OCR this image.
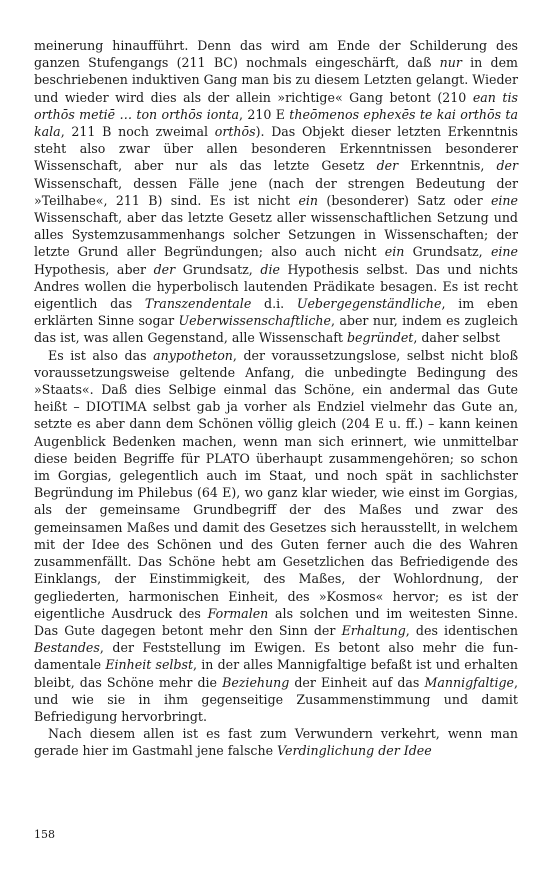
meinerung hinaufführt. Denn das wird am Ende der Schilderung des ganzen Stufengangs (211 BC) nochmals eingeschärft, daß nur in dem beschriebenen induktiven Gang man bis zu diesem Letzten gelangt. Wieder und wieder wird dies als der allein »richtige« Gang betont (210 ean tis orthōs metiē … ton orthōs ionta, 210 E theōmenos ephexēs te kai orthōs ta kala, 211 B noch zweimal orthōs). Das Objekt dieser letzten Erkenntnis steht also zwar über allen besonderen Erkenntnissen besonderer Wissenschaft, aber nur als das letzte Gesetz der Erkenntnis, der Wissenschaft, dessen Fälle jene (nach der strengen Bedeutung der »Teilhabe«, 211 B) sind. Es ist nicht ein (besonderer) Satz oder eine Wissenschaft, aber das letzte Gesetz aller wissenschaftlichen Setzung und alles Systemzusammenhangs solcher Setzungen in Wissenschaften; der letzte Grund aller Begründungen; also auch nicht ein Grundsatz, eine Hypothesis, aber der Grundsatz, die Hypothesis selbst. Das und nichts Andres wollen die hyperbolisch lautenden Prädikate besagen. Es ist recht eigentlich das Transzendentale d.i. Uebergegenständliche, im eben erklärten Sinne sogar Ueberwissenschaftliche, aber nur, indem es zugleich das ist, was allen Gegenstand, alle Wissenschaft begründet, daher selbst

Es ist also das anypotheton, der voraussetzungslose, selbst nicht bloß voraussetzungsweise geltende Anfang, die unbedingte Bedingung des »Staats«. Daß dies Selbige einmal das Schöne, ein andermal das Gute heißt – DIOTIMA selbst gab ja vorher als Endziel vielmehr das Gute an, setzte es aber dann dem Schönen völlig gleich (204 E u. ff.) – kann keinen Augenblick Bedenken machen, wenn man sich erinnert, wie unmittelbar diese beiden Begriffe für PLATO überhaupt zusammengehören; so schon im Gorgias, gelegentlich auch im Staat, und noch spät in sachlichster Begründung im Philebus (64 E), wo ganz klar wieder, wie einst im Gorgias, als der gemeinsame Grundbegriff der des Maßes und zwar des gemeinsamen Maßes und damit des Gesetzes sich herausstellt, in welchem mit der Idee des Schönen und des Guten ferner auch die des Wahren zusammenfällt. Das Schöne hebt am Gesetzlichen das Befriedigende des Einklangs, der Einstimmigkeit, des Maßes, der Wohlordnung, der gegliederten, harmonischen Einheit, des »Kosmos« hervor; es ist der eigentliche Ausdruck des Formalen als solchen und im weitesten Sinne. Das Gute dagegen betont mehr den Sinn der Erhaltung, des identischen Bestandes, der Feststellung im Ewigen. Es betont also mehr die fundamentale Einheit selbst, in der alles Mannigfaltige befaßt ist und erhalten bleibt, das Schöne mehr die Beziehung der Einheit auf das Mannigfaltige, und wie sie in ihm gegenseitige Zusammenstimmung und damit Befriedigung hervorbringt.

Nach diesem allen ist es fast zum Verwundern verkehrt, wenn man gerade hier im Gastmahl jene falsche Verdinglichung der Idee

158
